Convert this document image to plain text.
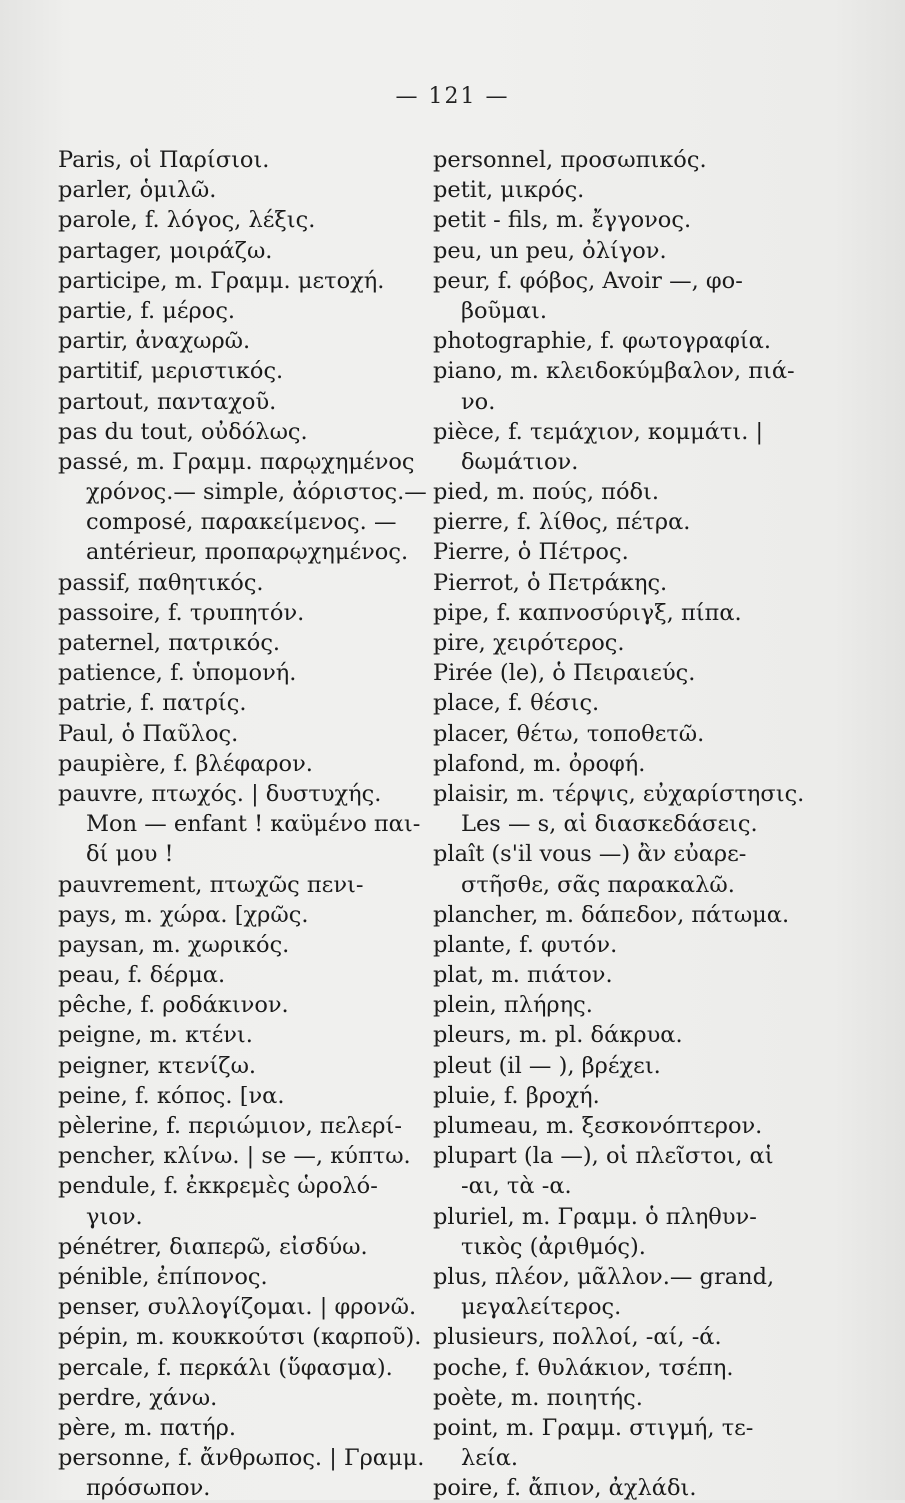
— 121 —
Paris, οἱ Παρίσιοι.
parler, ὁμιλῶ.
parole, f. λόγος, λέξις.
partager, μοιράζω.
participe, m. Γραμμ. μετοχή.
partie, f. μέρος.
partir, ἀναχωρῶ.
partitif, μεριστικός.
partout, πανταχοῦ.
pas du tout, οὐδόλως.
passé, m. Γραμμ. παρῳχημένος
χρόνος.— simple, ἀόριστος.—
composé, παρακείμενος. —
antérieur, προπαρῳχημένος.
passif, παθητικός.
passoire, f. τρυπητόν.
paternel, πατρικός.
patience, f. ὑπομονή.
patrie, f. πατρίς.
Paul, ὁ Παῦλος.
paupière, f. βλέφαρον.
pauvre, πτωχός. | δυστυχής.
Mon — enfant ! καϋμένο παι-
δί μου !
pauvrement, πτωχῶς πενι-
pays, m. χώρα. [χρῶς.
paysan, m. χωρικός.
peau, f. δέρμα.
pêche, f. ροδάκινον.
peigne, m. κτένι.
peigner, κτενίζω.
peine, f. κόπος. [να.
pèlerine, f. περιώμιον, πελερί-
pencher, κλίνω. | se —, κύπτω.
pendule, f. ἐκκρεμὲς ὡρολό-
γιον.
pénétrer, διαπερῶ, εἰσδύω.
pénible, ἐπίπονος.
penser, συλλογίζομαι. | φρονῶ.
pépin, m. κουκκούτσι (καρποῦ).
percale, f. περκάλι (ὕφασμα).
perdre, χάνω.
père, m. πατήρ.
personne, f. ἄνθρωπος. | Γραμμ.
πρόσωπον.
personnel, προσωπικός.
petit, μικρός.
petit - fils, m. ἔγγονος.
peu, un peu, ὀλίγον.
peur, f. φόβος, Avoir —, φο-
βοῦμαι.
photographie, f. φωτογραφία.
piano, m. κλειδοκύμβαλον, πιά-
νο.
pièce, f. τεμάχιον, κομμάτι. |
δωμάτιον.
pied, m. πούς, πόδι.
pierre, f. λίθος, πέτρα.
Pierre, ὁ Πέτρος.
Pierrot, ὁ Πετράκης.
pipe, f. καπνοσύριγξ, πίπα.
pire, χειρότερος.
Pirée (le), ὁ Πειραιεύς.
place, f. θέσις.
placer, θέτω, τοποθετῶ.
plafond, m. ὀροφή.
plaisir, m. τέρψις, εὐχαρίστησις.
Les — s, αἱ διασκεδάσεις.
plaît (s'il vous —) ἂν εὐαρε-
στῆσθε, σᾶς παρακαλῶ.
plancher, m. δάπεδον, πάτωμα.
plante, f. φυτόν.
plat, m. πιάτον.
plein, πλήρης.
pleurs, m. pl. δάκρυα.
pleut (il — ), βρέχει.
pluie, f. βροχή.
plumeau, m. ξεσκονόπτερον.
plupart (la —), οἱ πλεῖστοι, αἱ
-αι, τὰ -α.
pluriel, m. Γραμμ. ὁ πληθυν-
τικὸς (ἀριθμός).
plus, πλέον, μᾶλλον.— grand,
μεγαλείτερος.
plusieurs, πολλοί, -αί, -ά.
poche, f. θυλάκιον, τσέπη.
poète, m. ποιητής.
point, m. Γραμμ. στιγμή, τε-
λεία.
poire, f. ἄπιον, ἀχλάδι.
